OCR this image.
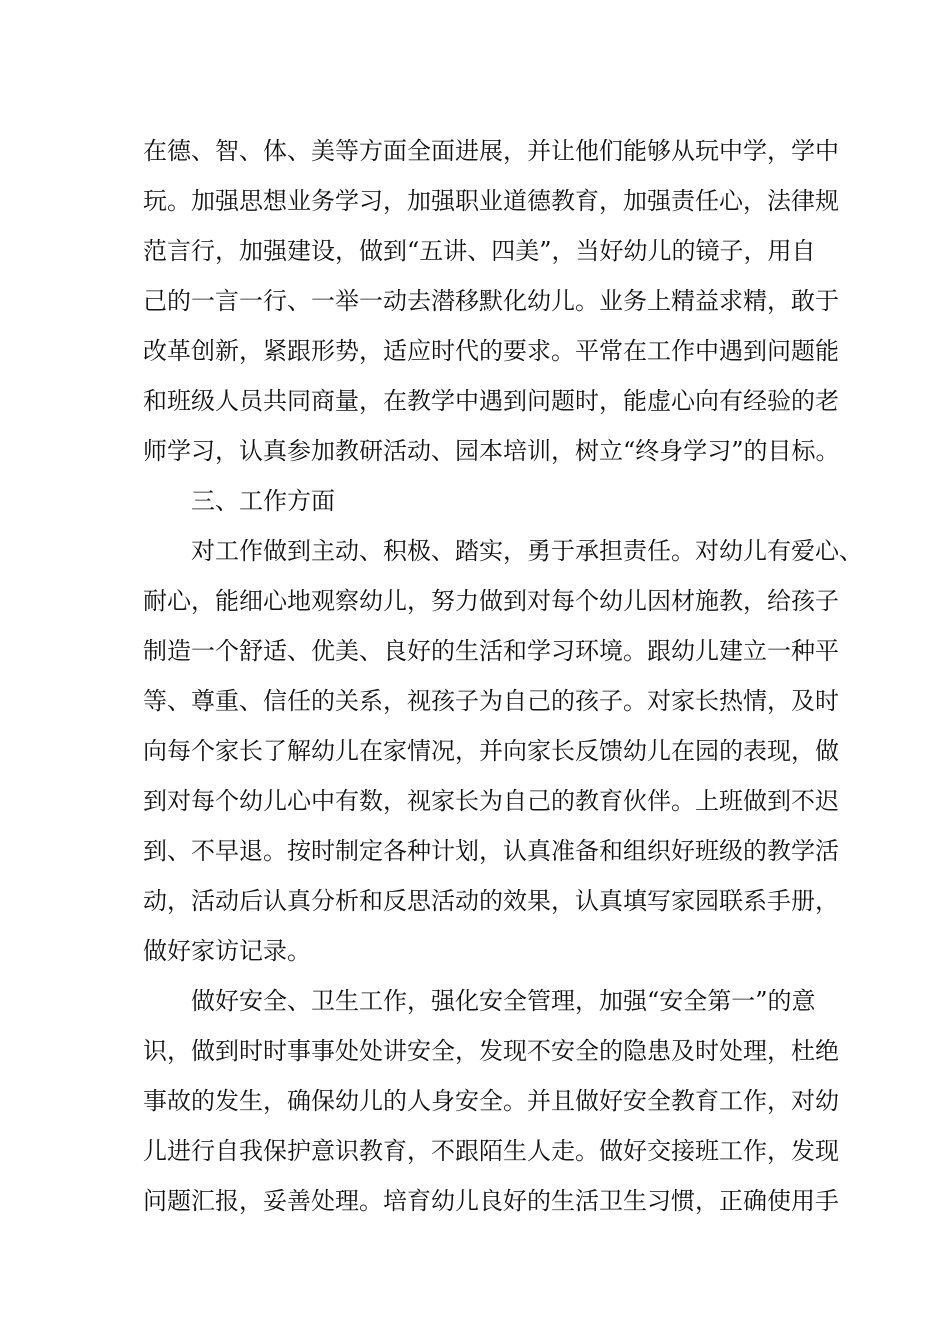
在德、智、体、美等方面全面进展，并让他们能够从玩中学，学中
玩。加强思想业务学习，加强职业道德教育，加强责任心，法律规
范言行，加强建设，做到“五讲、四美”，当好幼儿的镜子，用自
己的一言一行、一举一动去潜移默化幼儿。业务上精益求精，敢于
改革创新，紧跟形势，适应时代的要求。平常在工作中遇到问题能
和班级人员共同商量，在教学中遇到问题时，能虚心向有经验的老
师学习，认真参加教研活动、园本培训，树立“终身学习”的目标。
三、工作方面
对工作做到主动、积极、踏实，勇于承担责任。对幼儿有爱心、
耐心，能细心地观察幼儿，努力做到对每个幼儿因材施教，给孩子
制造一个舒适、优美、良好的生活和学习环境。跟幼儿建立一种平
等、尊重、信任的关系，视孩子为自己的孩子。对家长热情，及时
向每个家长了解幼儿在家情况，并向家长反馈幼儿在园的表现，做
到对每个幼儿心中有数，视家长为自己的教育伙伴。上班做到不迟
到、不早退。按时制定各种计划，认真准备和组织好班级的教学活
动，活动后认真分析和反思活动的效果，认真填写家园联系手册，
做好家访记录。
做好安全、卫生工作，强化安全管理，加强“安全第一”的意
识，做到时时事事处处讲安全，发现不安全的隐患及时处理，杜绝
事故的发生，确保幼儿的人身安全。并且做好安全教育工作，对幼
儿进行自我保护意识教育，不跟陌生人走。做好交接班工作，发现
问题汇报，妥善处理。培育幼儿良好的生活卫生习惯，正确使用手
